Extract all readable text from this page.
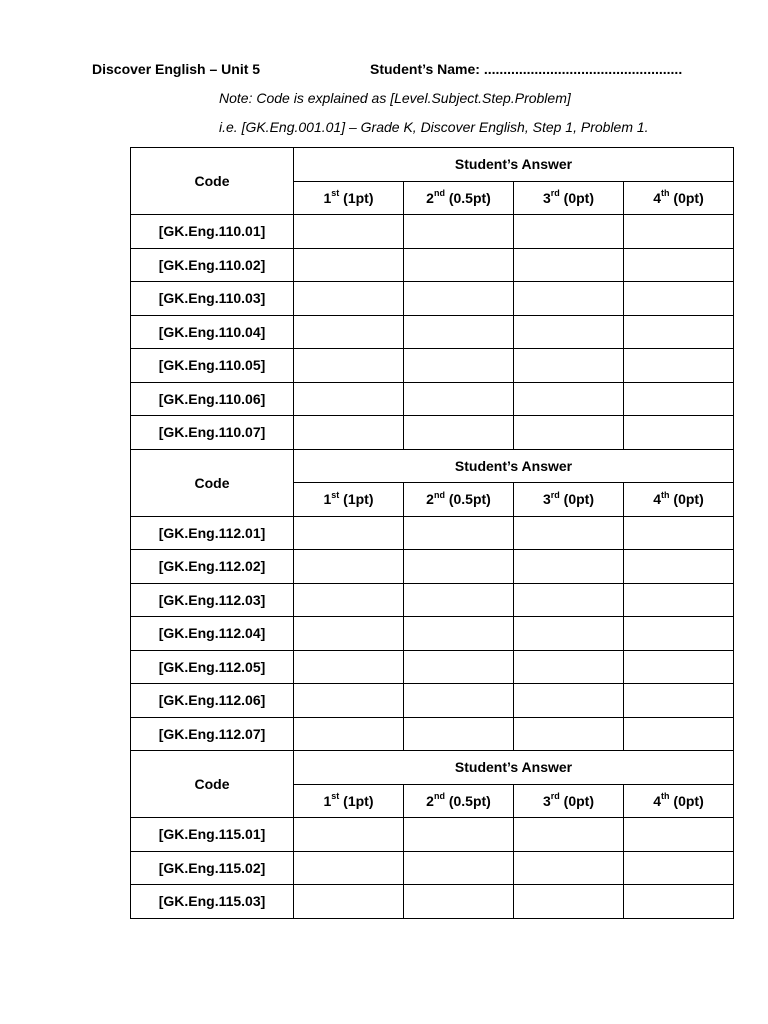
Discover English – Unit 5	Student’s Name: ...................................................
Note: Code is explained as [Level.Subject.Step.Problem]
i.e. [GK.Eng.001.01] – Grade K, Discover English, Step 1, Problem 1.
Code	Student’s Answer			
	1st (1pt)	2nd (0.5pt)	3rd (0pt)	4th (0pt)
[GK.Eng.110.01]				
[GK.Eng.110.02]				
[GK.Eng.110.03]				
[GK.Eng.110.04]				
[GK.Eng.110.05]				
[GK.Eng.110.06]				
[GK.Eng.110.07]				
Code	Student’s Answer			
	1st (1pt)	2nd (0.5pt)	3rd (0pt)	4th (0pt)
[GK.Eng.112.01]				
[GK.Eng.112.02]				
[GK.Eng.112.03]				
[GK.Eng.112.04]				
[GK.Eng.112.05]				
[GK.Eng.112.06]				
[GK.Eng.112.07]				
Code	Student’s Answer			
	1st (1pt)	2nd (0.5pt)	3rd (0pt)	4th (0pt)
[GK.Eng.115.01]				
[GK.Eng.115.02]				
[GK.Eng.115.03]				
